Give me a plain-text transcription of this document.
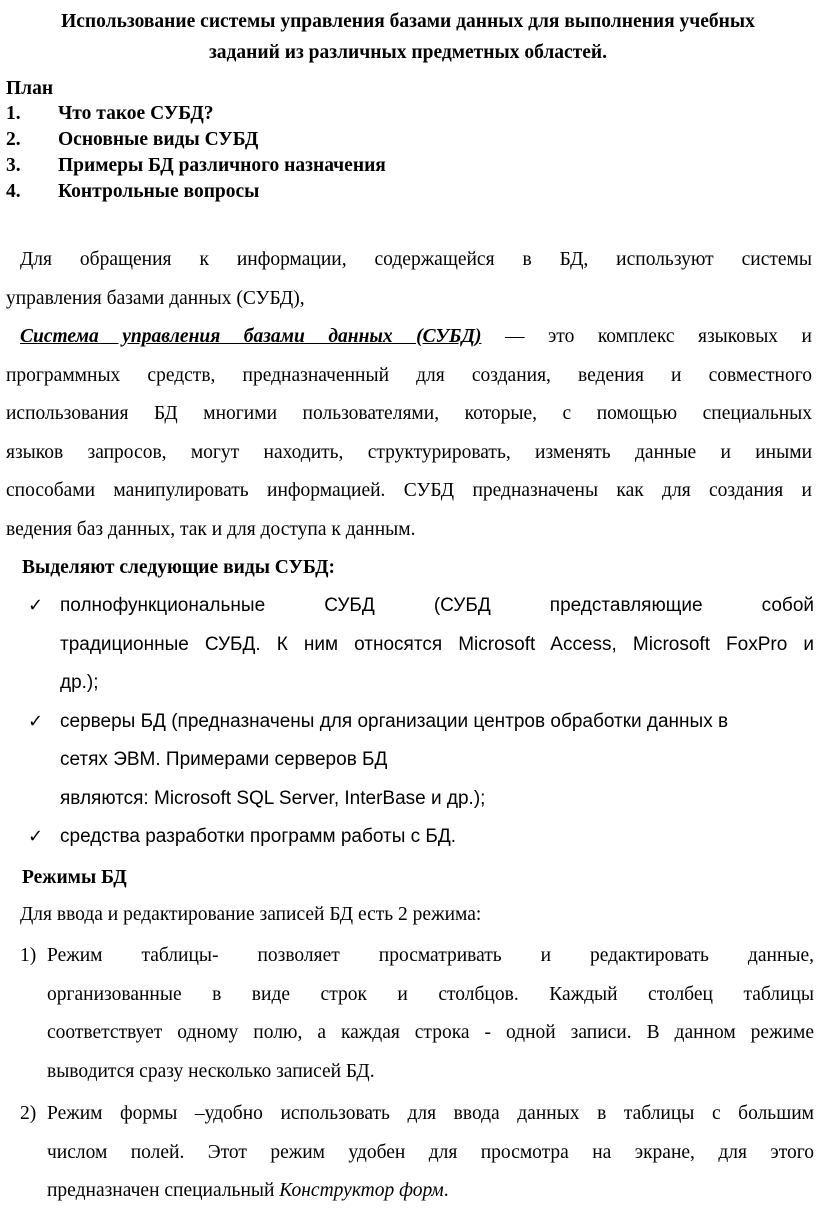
Использование системы управления базами данных для выполнения учебных
заданий из различных предметных областей.
План
1. Что такое СУБД?
2. Основные виды СУБД
3. Примеры БД различного назначения
4. Контрольные вопросы
Для обращения к информации, содержащейся в БД, используют системы
управления базами данных (СУБД),
Система управления базами данных (СУБД) — это комплекс языковых и
программных средств, предназначенный для создания, ведения и совместного
использования БД многими пользователями, которые, с помощью специальных
языков запросов, могут находить, структурировать, изменять данные и иными
способами манипулировать информацией. СУБД предназначены как для создания и
ведения баз данных, так и для доступа к данным.
Выделяют следующие виды СУБД:
✓ полнофункциональные СУБД (СУБД представляющие собой
традиционные СУБД. К ним относятся Microsoft Access, Microsoft FoxPro и
др.);
✓ серверы БД (предназначены для организации центров обработки данных в
сетях ЭВМ. Примерами серверов БД
являются: Microsoft SQL Server, InterBase и др.);
✓ средства разработки программ работы с БД.
Режимы БД
Для ввода и редактирование записей БД есть 2 режима:
1) Режим таблицы- позволяет просматривать и редактировать данные,
организованные в виде строк и столбцов. Каждый столбец таблицы
соответствует одному полю, а каждая строка - одной записи. В данном режиме
выводится сразу несколько записей БД.
2) Режим формы –удобно использовать для ввода данных в таблицы с большим
числом полей. Этот режим удобен для просмотра на экране, для этого
предназначен специальный Конструктор форм.
